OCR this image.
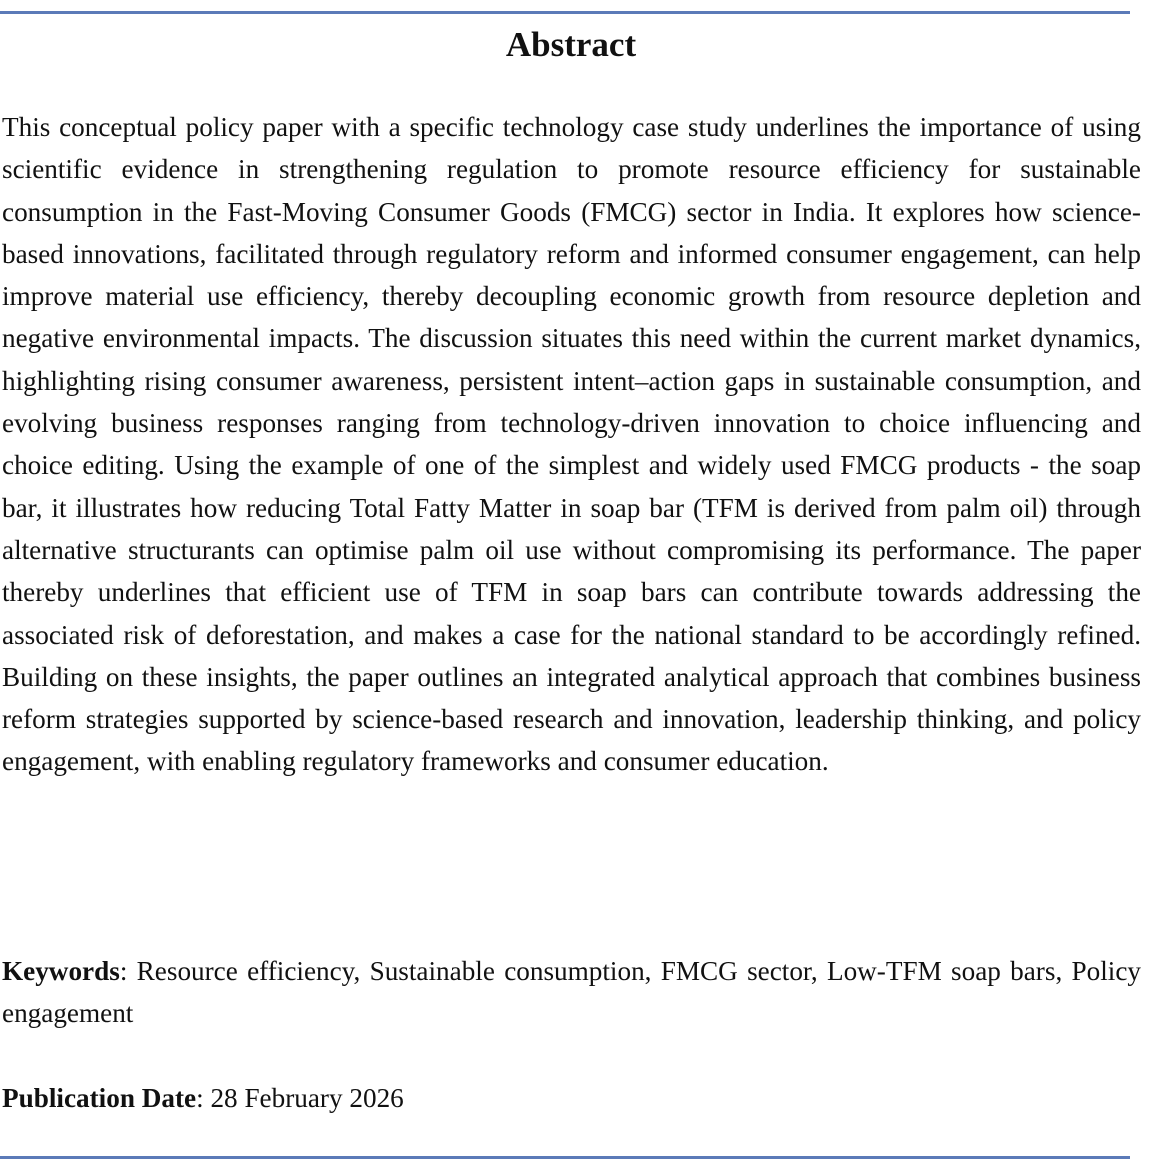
Abstract

This conceptual policy paper with a specific technology case study underlines the importance of using scientific evidence in strengthening regulation to promote resource efficiency for sustainable consumption in the Fast-Moving Consumer Goods (FMCG) sector in India. It explores how science-based innovations, facilitated through regulatory reform and informed consumer engagement, can help improve material use efficiency, thereby decoupling economic growth from resource depletion and negative environmental impacts. The discussion situates this need within the current market dynamics, highlighting rising consumer awareness, persistent intent–action gaps in sustainable consumption, and evolving business responses ranging from technology-driven innovation to choice influencing and choice editing. Using the example of one of the simplest and widely used FMCG products - the soap bar, it illustrates how reducing Total Fatty Matter in soap bar (TFM is derived from palm oil) through alternative structurants can optimise palm oil use without compromising its performance. The paper thereby underlines that efficient use of TFM in soap bars can contribute towards addressing the associated risk of deforestation, and makes a case for the national standard to be accordingly refined. Building on these insights, the paper outlines an integrated analytical approach that combines business reform strategies supported by science-based research and innovation, leadership thinking, and policy engagement, with enabling regulatory frameworks and consumer education.

Keywords: Resource efficiency, Sustainable consumption, FMCG sector, Low-TFM soap bars, Policy engagement

Publication Date: 28 February 2026
